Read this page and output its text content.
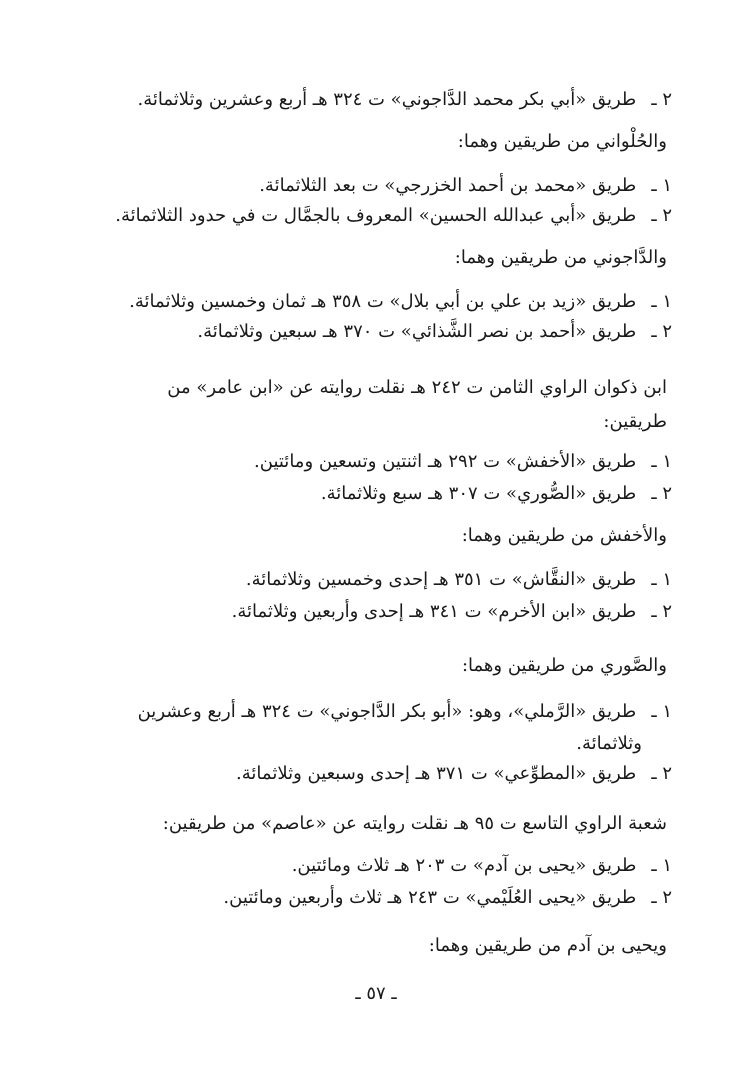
٢ ـ طريق «أبي بكر محمد الدَّاجوني» ت ٣٢٤ هـ أربع وعشرين وثلاثمائة.
والحُلْواني من طريقين وهما:
١ ـ طريق «محمد بن أحمد الخزرجي» ت بعد الثلاثمائة.
٢ ـ طريق «أبي عبدالله الحسين» المعروف بالجمَّال ت في حدود الثلاثمائة.
والدَّاجوني من طريقين وهما:
١ ـ طريق «زيد بن علي بن أبي بلال» ت ٣٥٨ هـ ثمان وخمسين وثلاثمائة.
٢ ـ طريق «أحمد بن نصر الشَّذائي» ت ٣٧٠ هـ سبعين وثلاثمائة.
ابن ذكوان الراوي الثامن ت ٢٤٢ هـ نقلت روايته عن «ابن عامر» من
طريقين:
١ ـ طريق «الأخفش» ت ٢٩٢ هـ اثنتين وتسعين ومائتين.
٢ ـ طريق «الصُّوري» ت ٣٠٧ هـ سبع وثلاثمائة.
والأخفش من طريقين وهما:
١ ـ طريق «النقَّاش» ت ٣٥١ هـ إحدى وخمسين وثلاثمائة.
٢ ـ طريق «ابن الأخرم» ت ٣٤١ هـ إحدى وأربعين وثلاثمائة.
والصَّوري من طريقين وهما:
١ ـ طريق «الرَّملي»، وهو: «أبو بكر الدَّاجوني» ت ٣٢٤ هـ أربع وعشرين
وثلاثمائة.
٢ ـ طريق «المطوِّعي» ت ٣٧١ هـ إحدى وسبعين وثلاثمائة.
شعبة الراوي التاسع ت ٩٥ هـ نقلت روايته عن «عاصم» من طريقين:
١ ـ طريق «يحيى بن آدم» ت ٢٠٣ هـ ثلاث ومائتين.
٢ ـ طريق «يحيى العُلَيْمي» ت ٢٤٣ هـ ثلاث وأربعين ومائتين.
ويحيى بن آدم من طريقين وهما:
ـ ٥٧ ـ
